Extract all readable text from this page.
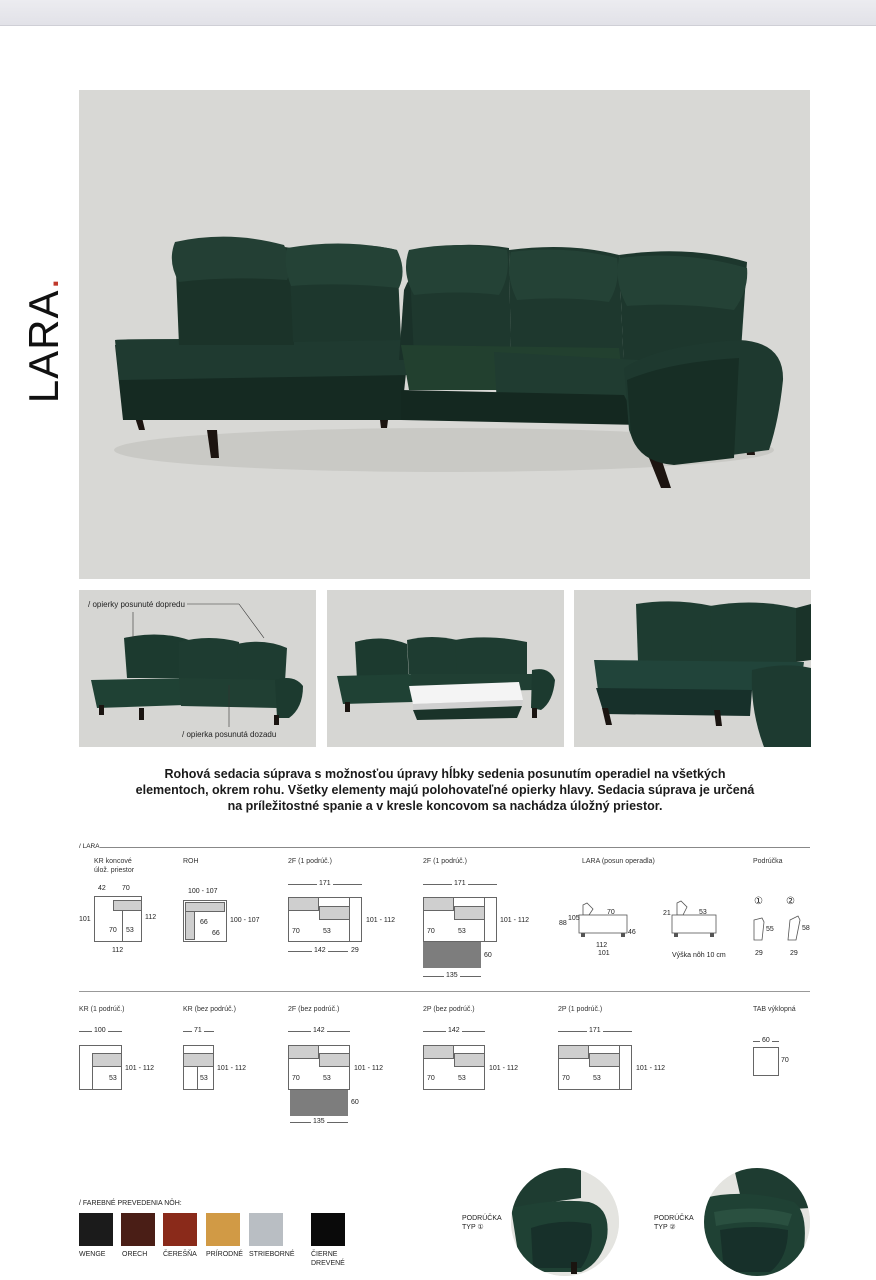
LARA.
/ opierky posunuté dopredu
/ opierka posunutá dozadu
Rohová sedacia súprava s možnosťou úpravy hĺbky sedenia posunutím operadiel na všetkých
elementoch, okrem rohu. Všetky elementy majú polohovateľné opierky hlavy. Sedacia súprava je určená
na príležitostné spanie a v kresle koncovom sa nachádza úložný priestor.
/ LARA
KR koncové
úlož. priestor
42 70
101	112
70 53
112
ROH
100 - 107
100 - 107
66
66
2F (1 podrúč.)
171
101 - 112
70	53
142	29
2F (1 podrúč.)
171
101 - 112
70	53
60
135
LARA (posun operadla)
88
105
70
46
112
101
21	53
Výška nôh 10 cm
Podrúčka
① ②
55	58
29	29
KR (1 podrúč.)
100
101 - 112
53
KR (bez podrúč.)
71
101 - 112
53
2F (bez podrúč.)
142
101 - 112
70	53
60
135
2P (bez podrúč.)
142
101 - 112
70	53
2P (1 podrúč.)
171
101 - 112
70	53
TAB výklopná
60
70
/ FAREBNÉ PREVEDENIA NÔH:
WENGE ORECH ČEREŠŇA PRÍRODNÉ STRIEBORNÉ ČIERNE
DREVENÉ
PODRÚČKA
TYP ①
PODRÚČKA
TYP ②
